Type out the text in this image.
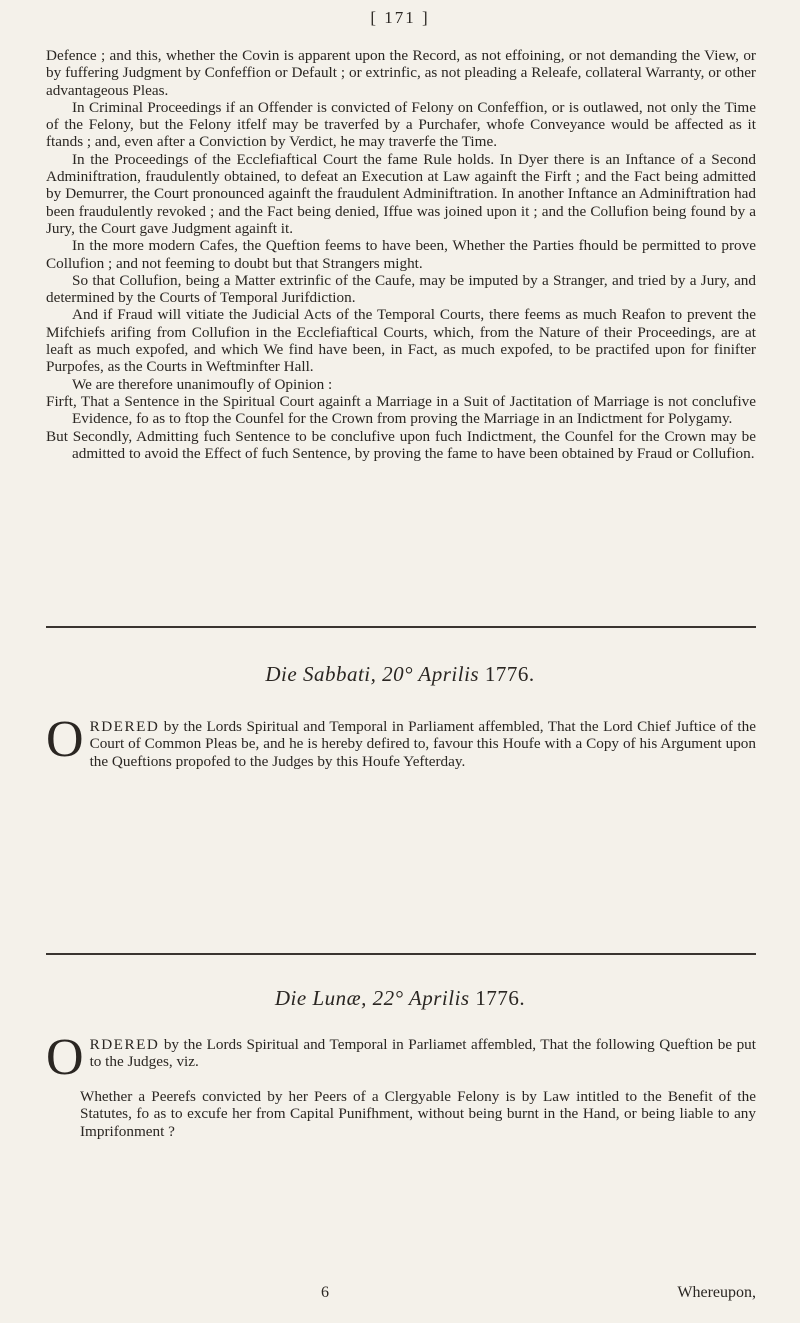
[ 171 ]

Defence ; and this, whether the Covin is apparent upon the Record, as not effoining, or not demanding the View, or by fuffering Judgment by Confeffion or Default ; or extrinfic, as not pleading a Releafe, collateral Warranty, or other advantageous Pleas.

In Criminal Proceedings if an Offender is convicted of Felony on Confeffion, or is outlawed, not only the Time of the Felony, but the Felony itfelf may be traverfed by a Purchafer, whofe Conveyance would be affected as it ftands ; and, even after a Conviction by Verdict, he may traverfe the Time.

In the Proceedings of the Ecclefiaftical Court the fame Rule holds. In Dyer there is an Inftance of a Second Adminiftration, fraudulently obtained, to defeat an Execution at Law againft the Firft ; and the Fact being admitted by Demurrer, the Court pronounced againft the fraudulent Adminiftration. In another Inftance an Adminiftration had been fraudulently revoked ; and the Fact being denied, Iffue was joined upon it ; and the Collufion being found by a Jury, the Court gave Judgment againft it.

In the more modern Cafes, the Queftion feems to have been, Whether the Parties fhould be permitted to prove Collufion ; and not feeming to doubt but that Strangers might.

So that Collufion, being a Matter extrinfic of the Caufe, may be imputed by a Stranger, and tried by a Jury, and determined by the Courts of Temporal Jurifdiction.

And if Fraud will vitiate the Judicial Acts of the Temporal Courts, there feems as much Reafon to prevent the Mifchiefs arifing from Collufion in the Ecclefiaftical Courts, which, from the Nature of their Proceedings, are at leaft as much expofed, and which We find have been, in Fact, as much expofed, to be practifed upon for finifter Purpofes, as the Courts in Weftminfter Hall.

We are therefore unanimoufly of Opinion :

Firft, That a Sentence in the Spiritual Court againft a Marriage in a Suit of Jactitation of Marriage is not conclufive Evidence, fo as to ftop the Counfel for the Crown from proving the Marriage in an Indictment for Polygamy.

But Secondly, Admitting fuch Sentence to be conclufive upon fuch Indictment, the Counfel for the Crown may be admitted to avoid the Effect of fuch Sentence, by proving the fame to have been obtained by Fraud or Collufion.

Die Sabbati, 20° Aprilis 1776.

ORDERED by the Lords Spiritual and Temporal in Parliament affembled, That the Lord Chief Juftice of the Court of Common Pleas be, and he is hereby defired to, favour this Houfe with a Copy of his Argument upon the Queftions propofed to the Judges by this Houfe Yefterday.

Die Lunæ, 22° Aprilis 1776.

ORDERED by the Lords Spiritual and Temporal in Parliamet affembled, That the following Queftion be put to the Judges, viz.

Whether a Peerefs convicted by her Peers of a Clergyable Felony is by Law intitled to the Benefit of the Statutes, fo as to excufe her from Capital Punifhment, without being burnt in the Hand, or being liable to any Imprifonment ?
6	Whereupon,
